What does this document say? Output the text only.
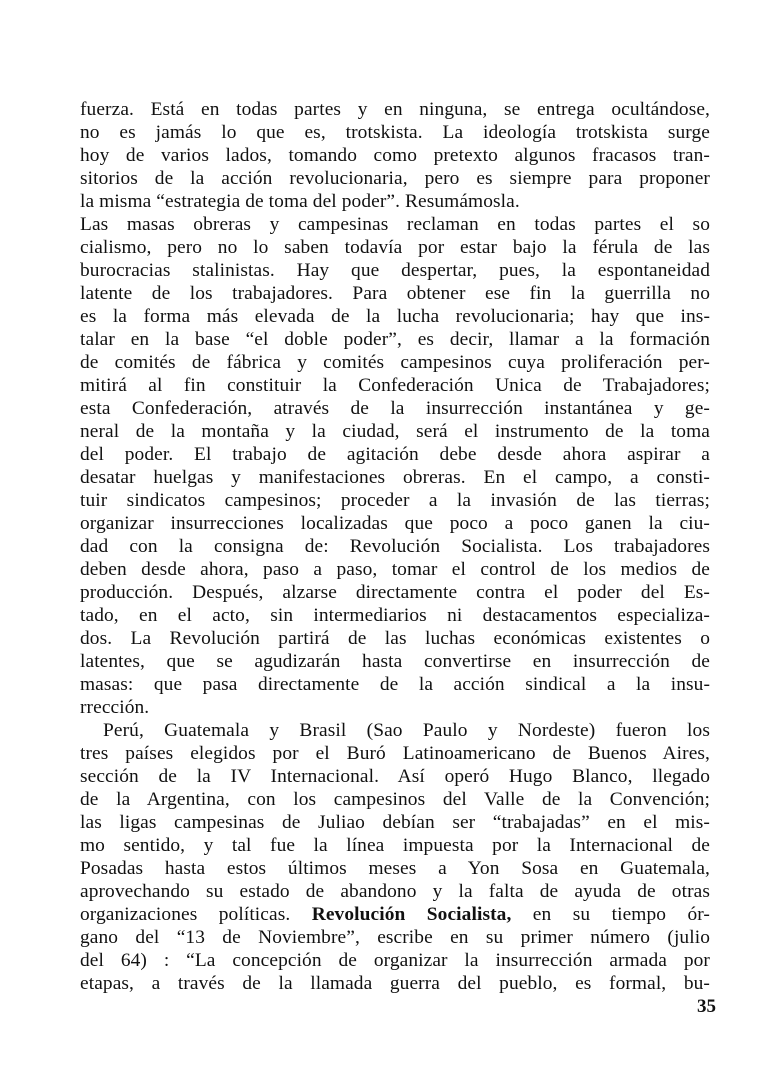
fuerza. Está en todas partes y en ninguna, se entrega ocultándose,
no es jamás lo que es, trotskista. La ideología trotskista surge
hoy de varios lados, tomando como pretexto algunos fracasos tran-
sitorios de la acción revolucionaria, pero es siempre para proponer
la misma “estrategia de toma del poder”. Resumámosla.
Las masas obreras y campesinas reclaman en todas partes el so
cialismo, pero no lo saben todavía por estar bajo la férula de las
burocracias stalinistas. Hay que despertar, pues, la espontaneidad
latente de los trabajadores. Para obtener ese fin la guerrilla no
es la forma más elevada de la lucha revolucionaria; hay que ins-
talar en la base “el doble poder”, es decir, llamar a la formación
de comités de fábrica y comités campesinos cuya proliferación per-
mitirá al fin constituir la Confederación Unica de Trabajadores;
esta Confederación, através de la insurrección instantánea y ge-
neral de la montaña y la ciudad, será el instrumento de la toma
del poder. El trabajo de agitación debe desde ahora aspirar a
desatar huelgas y manifestaciones obreras. En el campo, a consti-
tuir sindicatos campesinos; proceder a la invasión de las tierras;
organizar insurrecciones localizadas que poco a poco ganen la ciu-
dad con la consigna de: Revolución Socialista. Los trabajadores
deben desde ahora, paso a paso, tomar el control de los medios de
producción. Después, alzarse directamente contra el poder del Es-
tado, en el acto, sin intermediarios ni destacamentos especializa-
dos. La Revolución partirá de las luchas económicas existentes o
latentes, que se agudizarán hasta convertirse en insurrección de
masas: que pasa directamente de la acción sindical a la insu-
rrección.
Perú, Guatemala y Brasil (Sao Paulo y Nordeste) fueron los
tres países elegidos por el Buró Latinoamericano de Buenos Aires,
sección de la IV Internacional. Así operó Hugo Blanco, llegado
de la Argentina, con los campesinos del Valle de la Convención;
las ligas campesinas de Juliao debían ser “trabajadas” en el mis-
mo sentido, y tal fue la línea impuesta por la Internacional de
Posadas hasta estos últimos meses a Yon Sosa en Guatemala,
aprovechando su estado de abandono y la falta de ayuda de otras
organizaciones políticas. Revolución Socialista, en su tiempo ór-
gano del “13 de Noviembre”, escribe en su primer número (julio
del 64) : “La concepción de organizar la insurrección armada por
etapas, a través de la llamada guerra del pueblo, es formal, bu-
35
